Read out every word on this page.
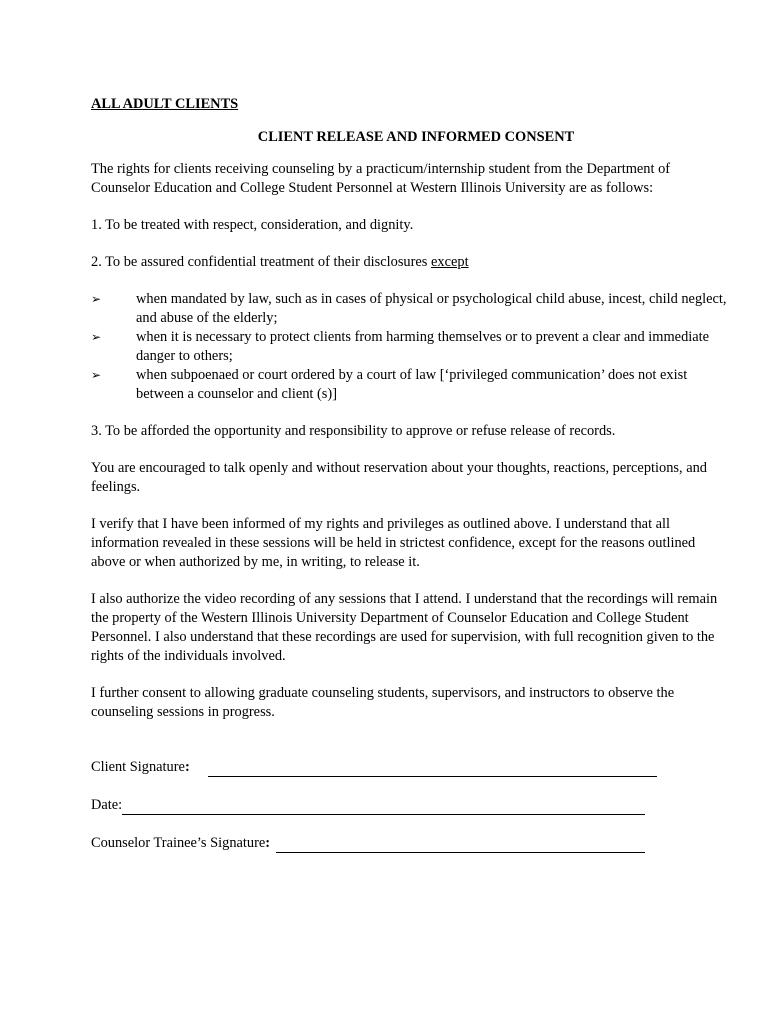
ALL ADULT CLIENTS
CLIENT RELEASE AND INFORMED CONSENT

The rights for clients receiving counseling by a practicum/internship student from the Department of Counselor Education and College Student Personnel at Western Illinois University are as follows:

1. To be treated with respect, consideration, and dignity.

2. To be assured confidential treatment of their disclosures except

➢ when mandated by law, such as in cases of physical or psychological child abuse, incest, child neglect, and abuse of the elderly;
➢ when it is necessary to protect clients from harming themselves or to prevent a clear and immediate danger to others;
➢ when subpoenaed or court ordered by a court of law [‘privileged communication’ does not exist between a counselor and client (s)]

3. To be afforded the opportunity and responsibility to approve or refuse release of records.

You are encouraged to talk openly and without reservation about your thoughts, reactions, perceptions, and feelings.

I verify that I have been informed of my rights and privileges as outlined above. I understand that all information revealed in these sessions will be held in strictest confidence, except for the reasons outlined above or when authorized by me, in writing, to release it.

I also authorize the video recording of any sessions that I attend. I understand that the recordings will remain the property of the Western Illinois University Department of Counselor Education and College Student Personnel. I also understand that these recordings are used for supervision, with full recognition given to the rights of the individuals involved.

I further consent to allowing graduate counseling students, supervisors, and instructors to observe the counseling sessions in progress.

Client Signature:
Date:
Counselor Trainee’s Signature:
